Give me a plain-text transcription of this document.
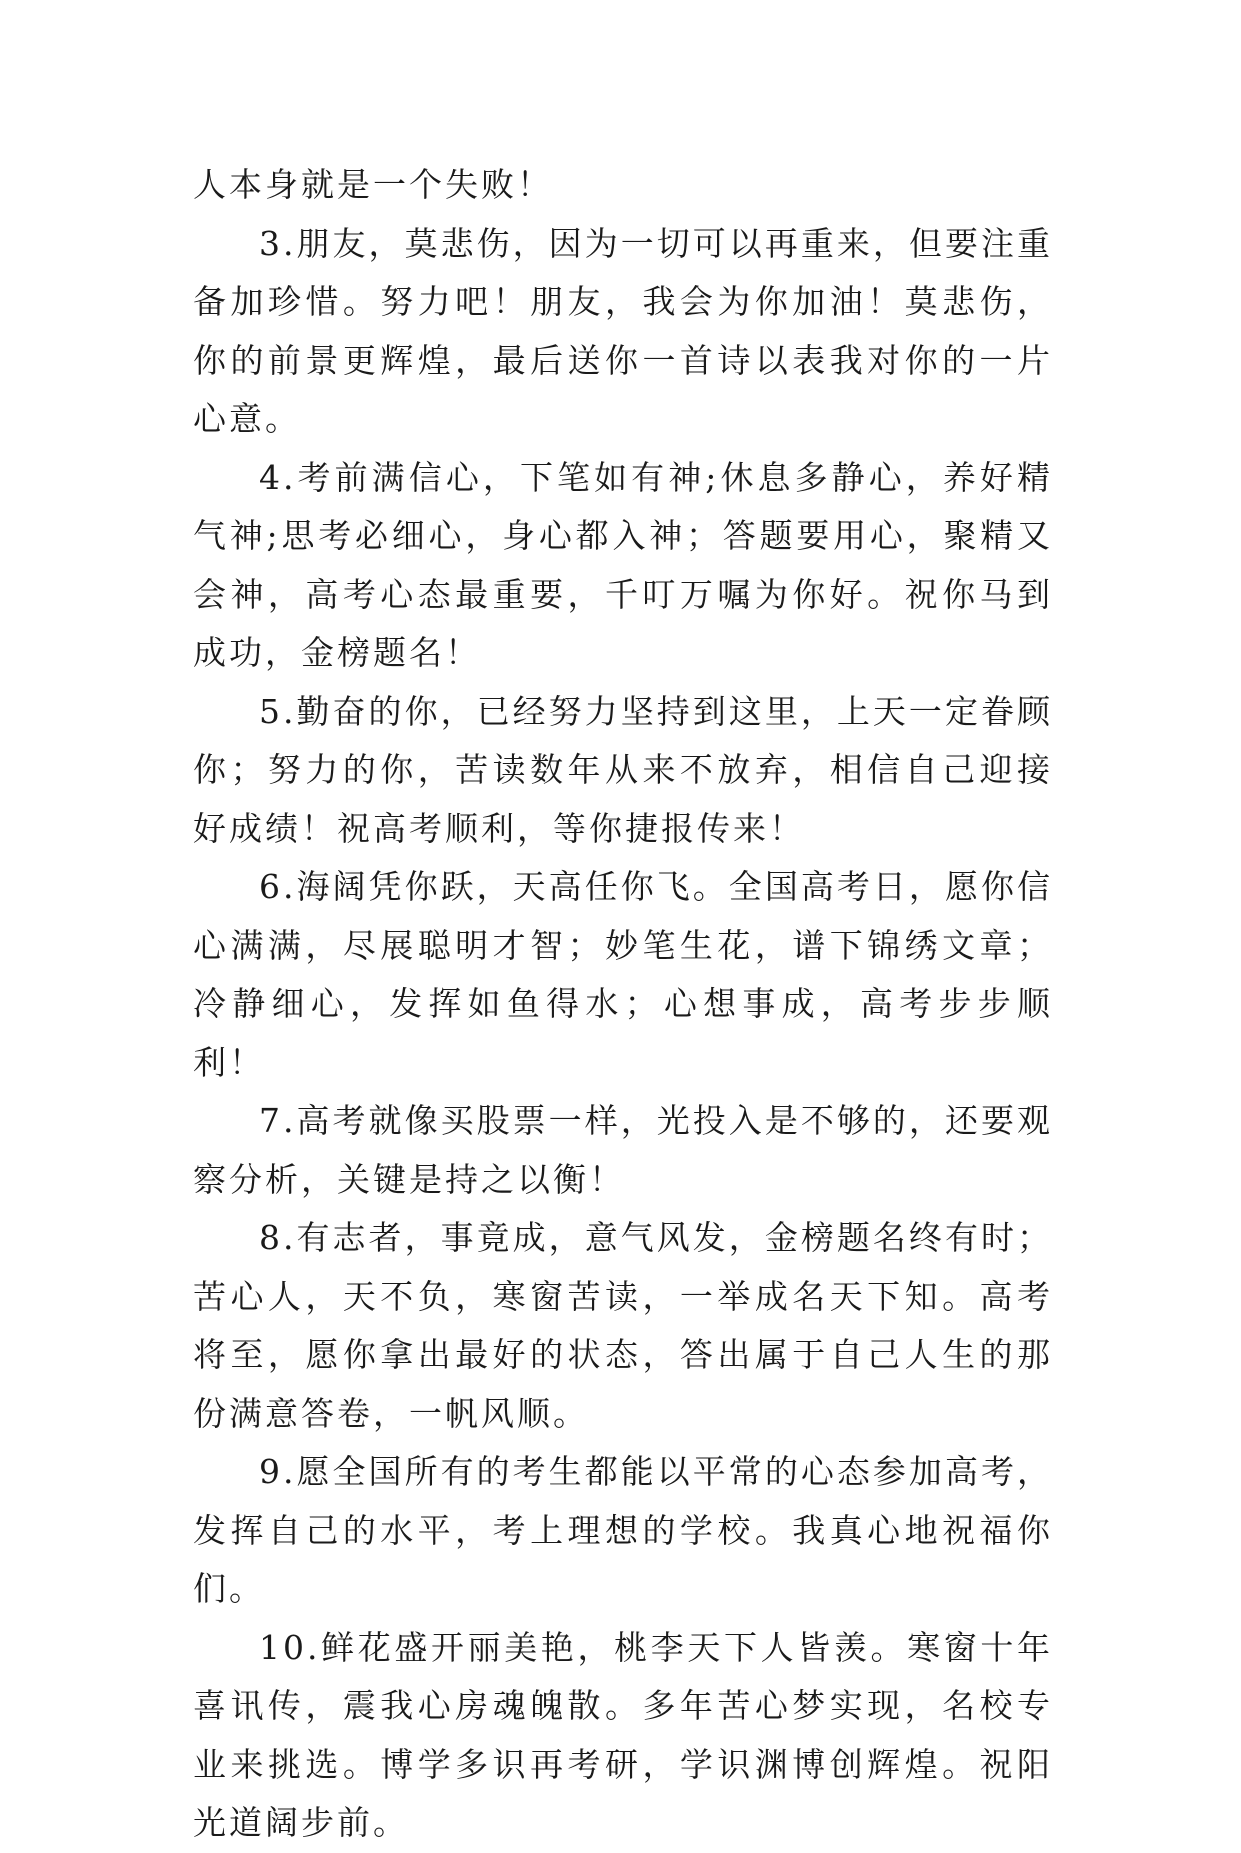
人本身就是一个失败！

3.朋友，莫悲伤，因为一切可以再重来，但要注重备加珍惜。努力吧！朋友，我会为你加油！莫悲伤，你的前景更辉煌，最后送你一首诗以表我对你的一片心意。

4.考前满信心，下笔如有神;休息多静心，养好精气神;思考必细心，身心都入神；答题要用心，聚精又会神，高考心态最重要，千叮万嘱为你好。祝你马到成功，金榜题名！

5.勤奋的你，已经努力坚持到这里，上天一定眷顾你；努力的你，苦读数年从来不放弃，相信自己迎接好成绩！祝高考顺利，等你捷报传来！

6.海阔凭你跃，天高任你飞。全国高考日，愿你信心满满，尽展聪明才智；妙笔生花，谱下锦绣文章；冷静细心，发挥如鱼得水；心想事成，高考步步顺利！

7.高考就像买股票一样，光投入是不够的，还要观察分析，关键是持之以衡！

8.有志者，事竟成，意气风发，金榜题名终有时；苦心人，天不负，寒窗苦读，一举成名天下知。高考将至，愿你拿出最好的状态，答出属于自己人生的那份满意答卷，一帆风顺。

9.愿全国所有的考生都能以平常的心态参加高考，发挥自己的水平，考上理想的学校。我真心地祝福你们。

10.鲜花盛开丽美艳，桃李天下人皆羡。寒窗十年喜讯传，震我心房魂魄散。多年苦心梦实现，名校专业来挑选。博学多识再考研，学识渊博创辉煌。祝阳光道阔步前。
